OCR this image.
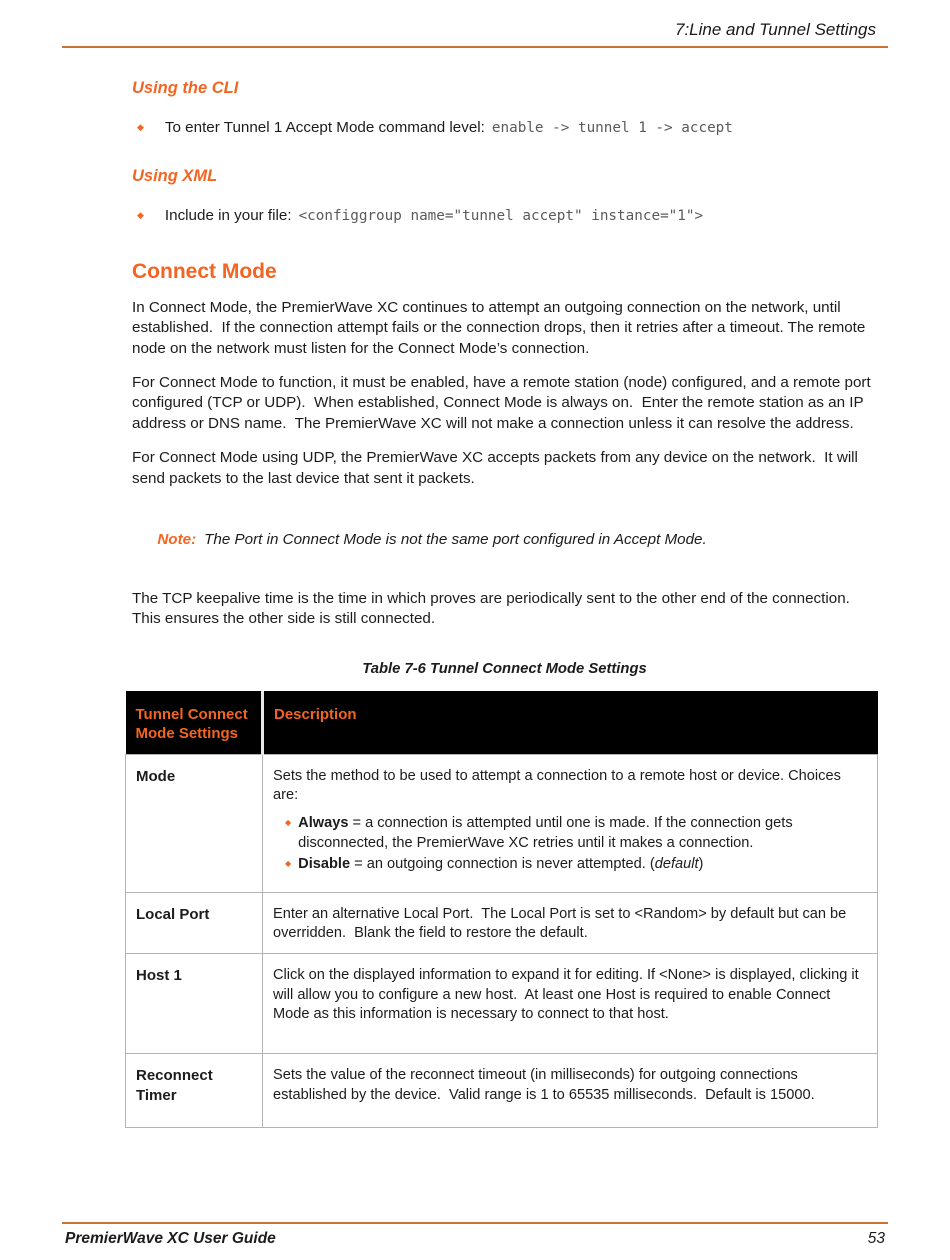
7:Line and Tunnel Settings
Using the CLI
◆ To enter Tunnel 1 Accept Mode command level: enable -> tunnel 1 -> accept
Using XML
◆ Include in your file: <configgroup name="tunnel accept" instance="1">
Connect Mode

In Connect Mode, the PremierWave XC continues to attempt an outgoing connection on the network, until established.  If the connection attempt fails or the connection drops, then it retries after a timeout. The remote node on the network must listen for the Connect Mode’s connection.

For Connect Mode to function, it must be enabled, have a remote station (node) configured, and a remote port configured (TCP or UDP).  When established, Connect Mode is always on.  Enter the remote station as an IP address or DNS name.  The PremierWave XC will not make a connection unless it can resolve the address.

For Connect Mode using UDP, the PremierWave XC accepts packets from any device on the network.  It will send packets to the last device that sent it packets.

Note: The Port in Connect Mode is not the same port configured in Accept Mode.

The TCP keepalive time is the time in which proves are periodically sent to the other end of the connection.  This ensures the other side is still connected.

Table 7-6 Tunnel Connect Mode Settings
Tunnel Connect Mode Settings	Description
Mode	Sets the method to be used to attempt a connection to a remote host or device. Choices are:
◆ Always = a connection is attempted until one is made. If the connection gets disconnected, the PremierWave XC retries until it makes a connection.
◆ Disable = an outgoing connection is never attempted. (default)

Local Port	Enter an alternative Local Port.  The Local Port is set to <Random> by default but can be overridden.  Blank the field to restore the default.
Host 1	Click on the displayed information to expand it for editing. If <None> is displayed, clicking it will allow you to configure a new host.  At least one Host is required to enable Connect Mode as this information is necessary to connect to that host.
Reconnect Timer	Sets the value of the reconnect timeout (in milliseconds) for outgoing connections established by the device.  Valid range is 1 to 65535 milliseconds.  Default is 15000.
PremierWave XC User Guide	53
